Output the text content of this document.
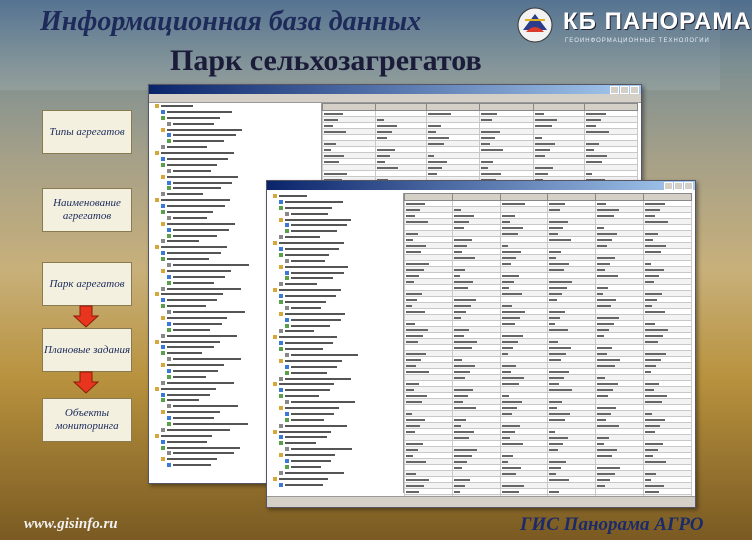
Информационная база данных
Парк сельхозагрегатов
КБ ПАНОРАМА
ГЕОИНФОРМАЦИОННЫЕ ТЕХНОЛОГИИ
Типы агрегатов
Наименование агрегатов
Парк агрегатов
Плановые задания
Объекты мониторинга

www.gisinfo.ru	ГИС Панорама АГРО
